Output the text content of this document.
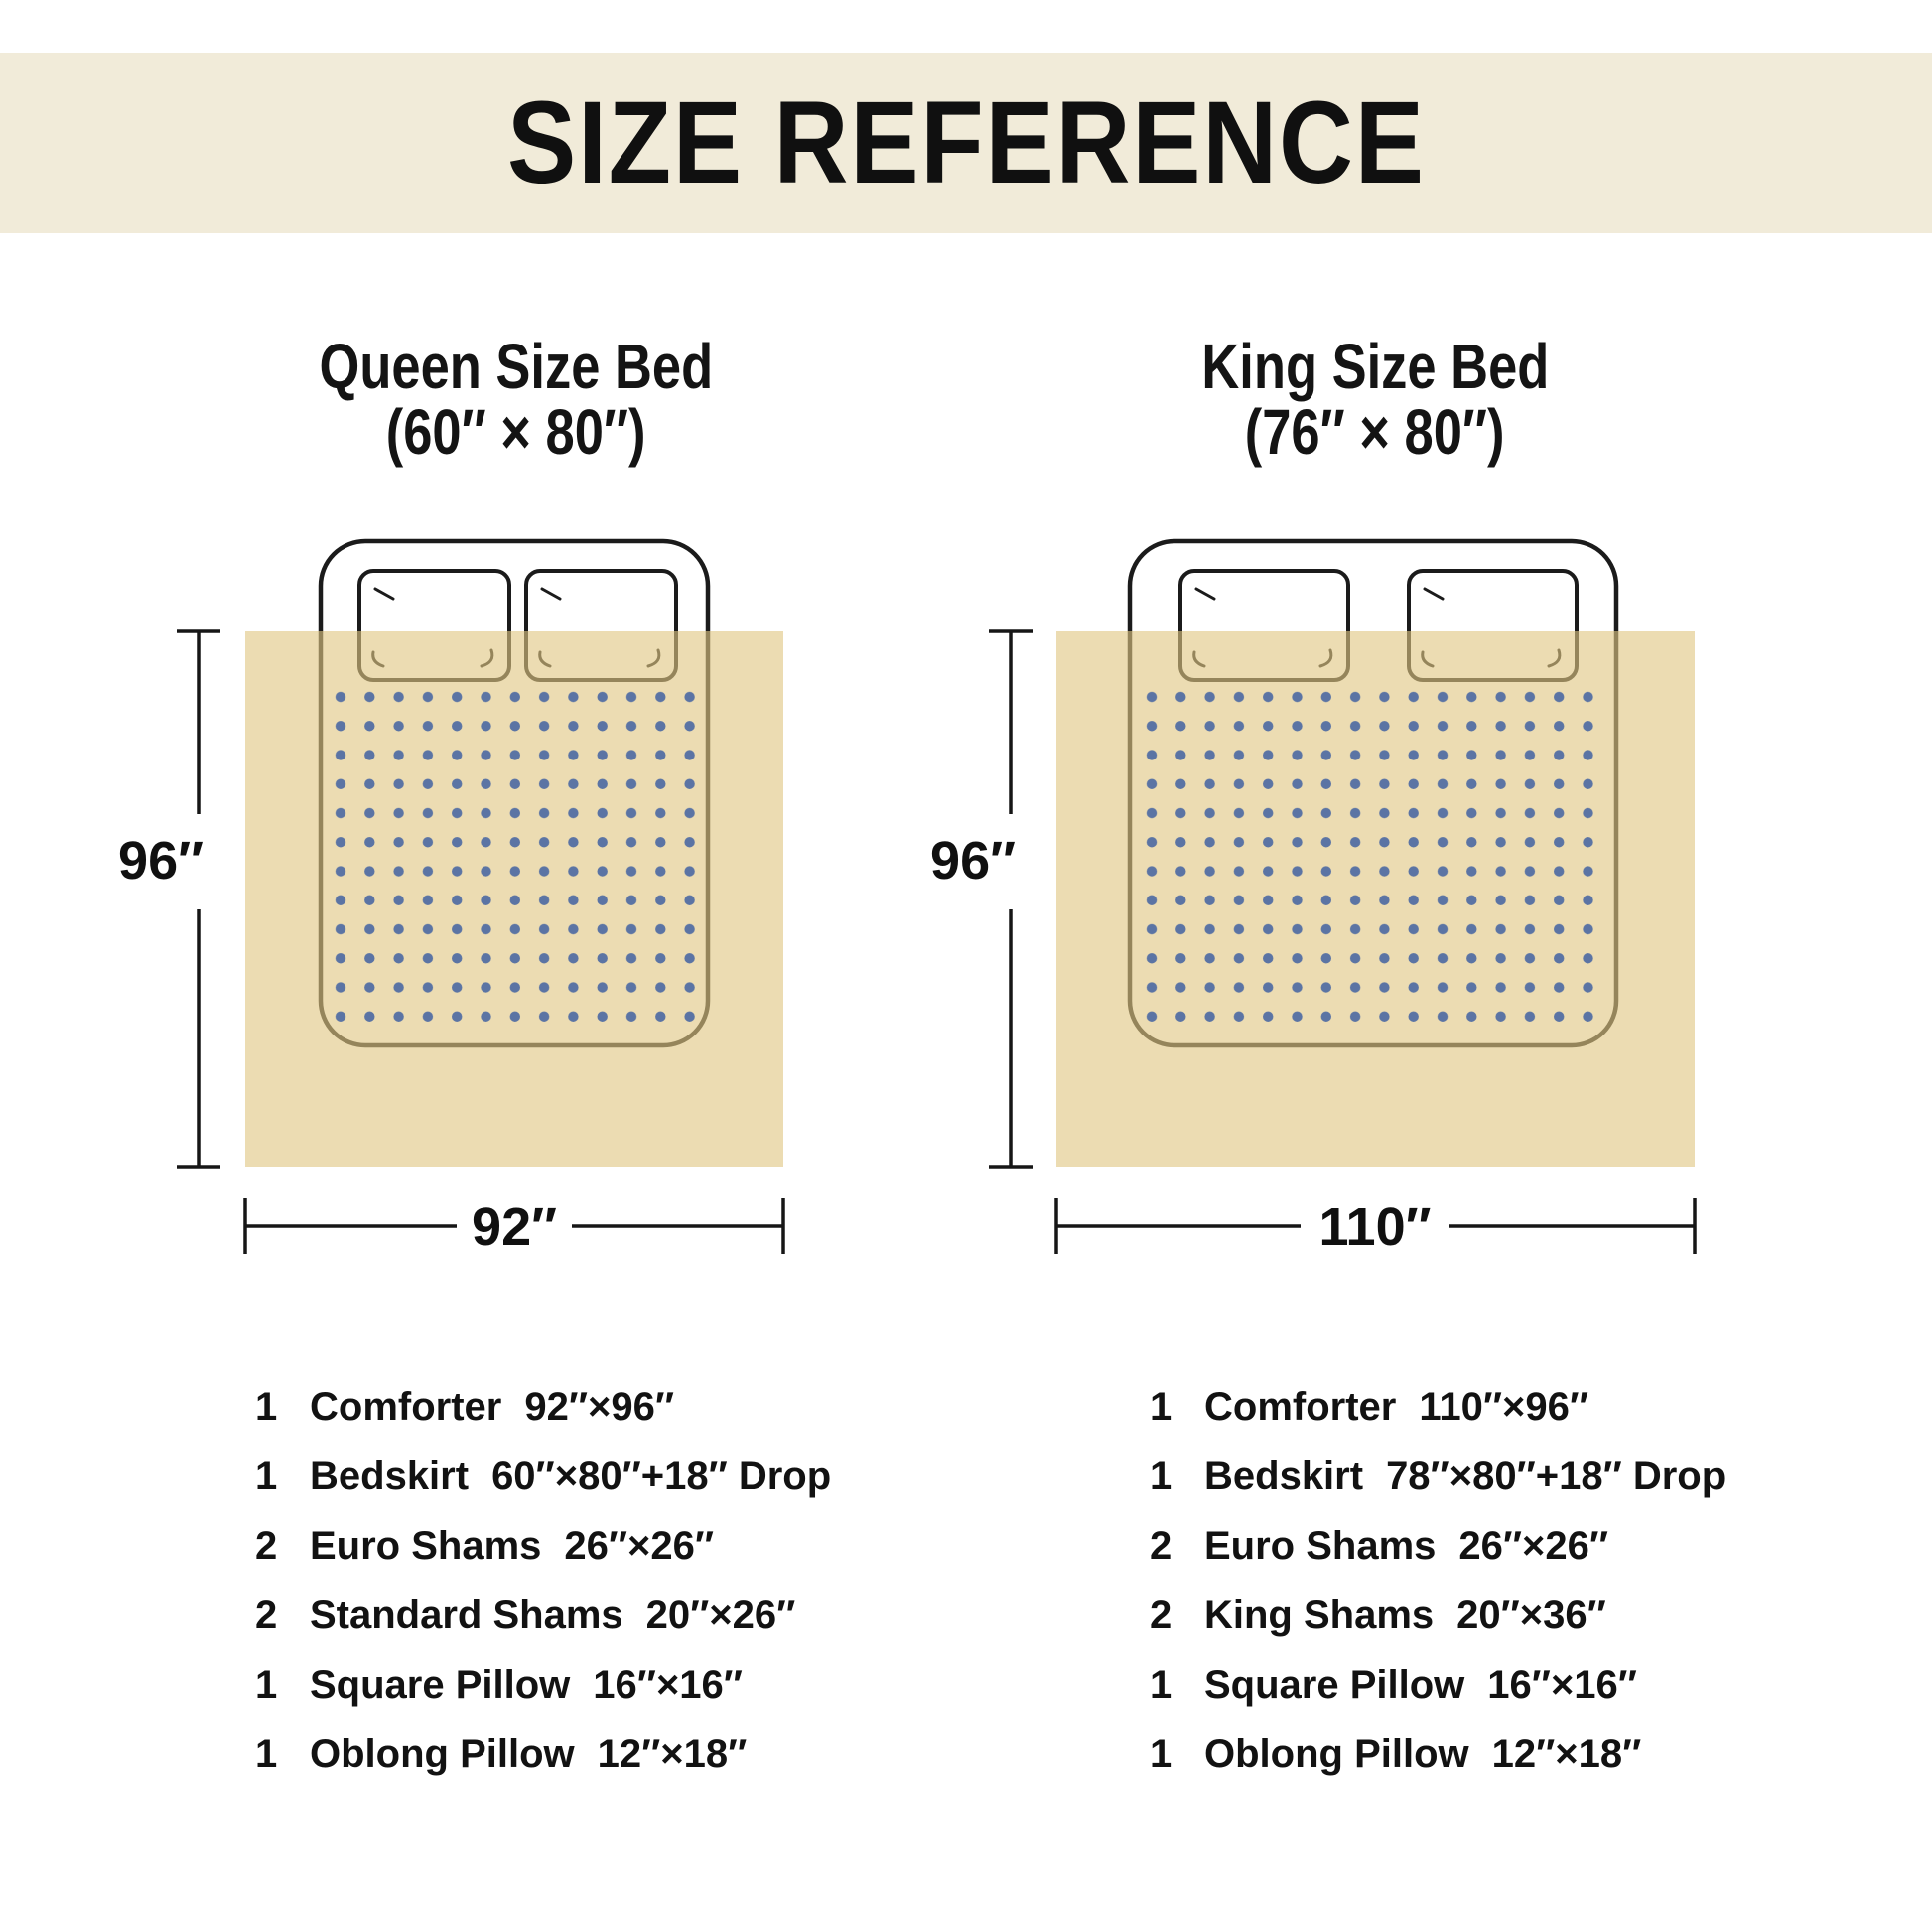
SIZE REFERENCE
Queen Size Bed
(60″ × 80″)
King Size Bed
(76″ × 80″)
96″
92″
96″
110″
1 Comforter 92″×96″
1 Bedskirt 60″×80″+18″ Drop
2 Euro Shams 26″×26″
2 Standard Shams 20″×26″
1 Square Pillow 16″×16″
1 Oblong Pillow 12″×18″
1 Comforter 110″×96″
1 Bedskirt 78″×80″+18″ Drop
2 Euro Shams 26″×26″
2 King Shams 20″×36″
1 Square Pillow 16″×16″
1 Oblong Pillow 12″×18″
